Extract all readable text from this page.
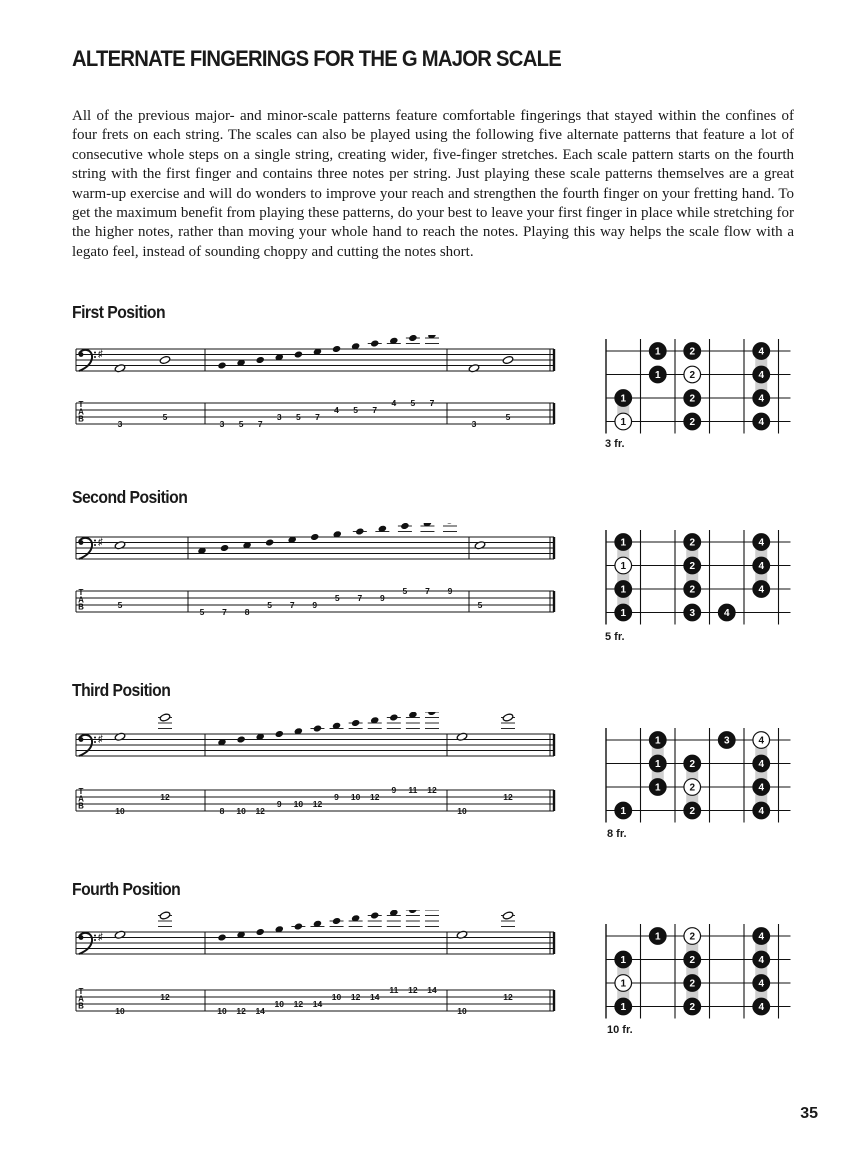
ALTERNATE FINGERINGS FOR THE G MAJOR SCALE

All of the previous major- and minor-scale patterns feature comfortable fingerings that stayed within the confines of four frets on each string. The scales can also be played using the following five alternate patterns that feature a lot of consecutive whole steps on a single string, creating wider, five-finger stretches. Each scale pattern starts on the fourth string with the first finger and contains three notes per string. Just playing these scale patterns themselves are a great warm-up exercise and will do wonders to improve your reach and strengthen the fourth finger on your fretting hand. To get the maximum benefit from playing these patterns, do your best to leave your first finger in place while stretching for the higher notes, rather than moving your whole hand to reach the notes. Playing this way helps the scale flow with a legato feel, instead of sounding choppy and cutting the notes short.

First Position
♯
T
A
B	3
5
3 5 7
3 5 7
4 5 7
4 5 7
3
5
1	2	4
1	2	4
1	2	4
1	2	4
3 fr.
Second Position
♯
T
A
B	5
5 7 8
5 7 9
5 7 9
5 7 9
5
1	2	4
1	2	4
1	2	4
1	3	4
5 fr.
Third Position
♯
T
A
B	10
12
8 10 12
9 10 12
9 10 12
9 11 12
10
12
1	3	4
1	2	4
1	2	4
1	2	4
8 fr.
Fourth Position
♯
T
A
B	10
12
10 12 14
10 12 14
10 12 14
11 12 14
10
12
1	2	4
1	2	4
1	2	4
1	2	4
10 fr.
35
